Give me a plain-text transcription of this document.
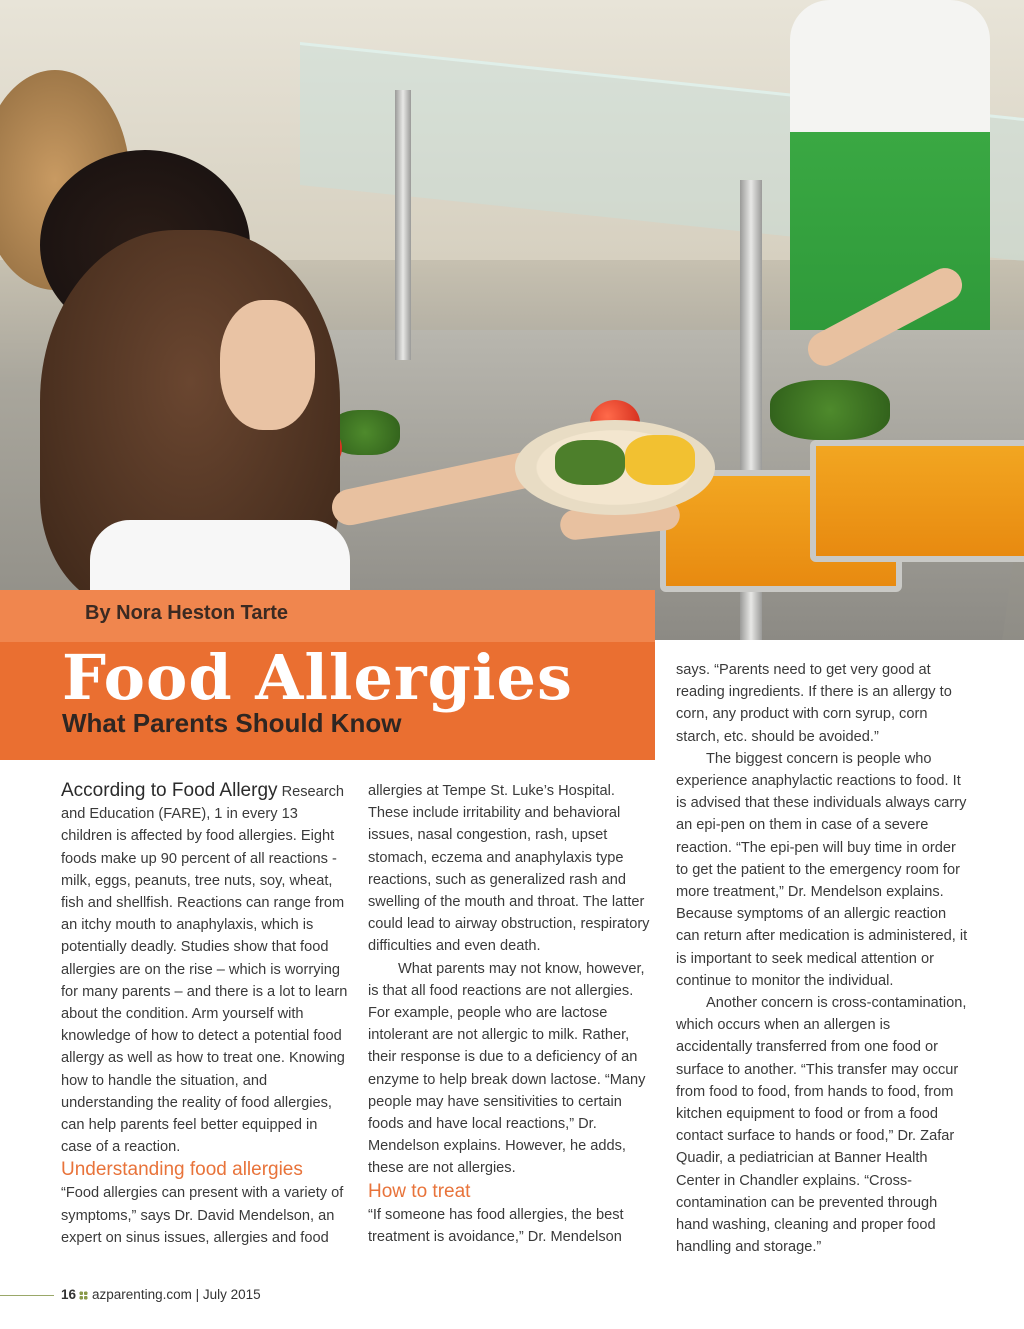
By Nora Heston Tarte

Food Allergies
What Parents Should Know

According to Food Allergy Research and Education (FARE), 1 in every 13 children is affected by food allergies. Eight foods make up 90 percent of all reactions - milk, eggs, peanuts, tree nuts, soy, wheat, fish and shellfish. Reactions can range from an itchy mouth to anaphylaxis, which is potentially deadly. Studies show that food allergies are on the rise – which is worrying for many parents – and there is a lot to learn about the condition. Arm yourself with knowledge of how to detect a potential food allergy as well as how to treat one. Knowing how to handle the situation, and understanding the reality of food allergies, can help parents feel better equipped in case of a reaction.

Understanding food allergies

“Food allergies can present with a variety of symptoms,” says Dr. David Mendelson, an expert on sinus issues, allergies and food

allergies at Tempe St. Luke’s Hospital. These include irritability and behavioral issues, nasal congestion, rash, upset stomach, eczema and anaphylaxis type reactions, such as generalized rash and swelling of the mouth and throat. The latter could lead to airway obstruction, respiratory difficulties and even death.

What parents may not know, however, is that all food reactions are not allergies. For example, people who are lactose intolerant are not allergic to milk. Rather, their response is due to a deficiency of an enzyme to help break down lactose. “Many people may have sensitivities to certain foods and have local reactions,” Dr. Mendelson explains. However, he adds, these are not allergies.

How to treat

“If someone has food allergies, the best treatment is avoidance,” Dr. Mendelson

says. “Parents need to get very good at reading ingredients. If there is an allergy to corn, any product with corn syrup, corn starch, etc. should be avoided.”

The biggest concern is people who experience anaphylactic reactions to food. It is advised that these individuals always carry an epi-pen on them in case of a severe reaction. “The epi-pen will buy time in order to get the patient to the emergency room for more treatment,” Dr. Mendelson explains. Because symptoms of an allergic reaction can return after medication is administered, it is important to seek medical attention or continue to monitor the individual.

Another concern is cross-contamination, which occurs when an allergen is accidentally transferred from one food or surface to another. “This transfer may occur from food to food, from hands to food, from kitchen equipment to food or from a food contact surface to hands or food,” Dr. Zafar Quadir, a pediatrician at Banner Health Center in Chandler explains. “Cross-contamination can be prevented through hand washing, cleaning and proper food handling and storage.”

16 azparenting.com | July 2015
